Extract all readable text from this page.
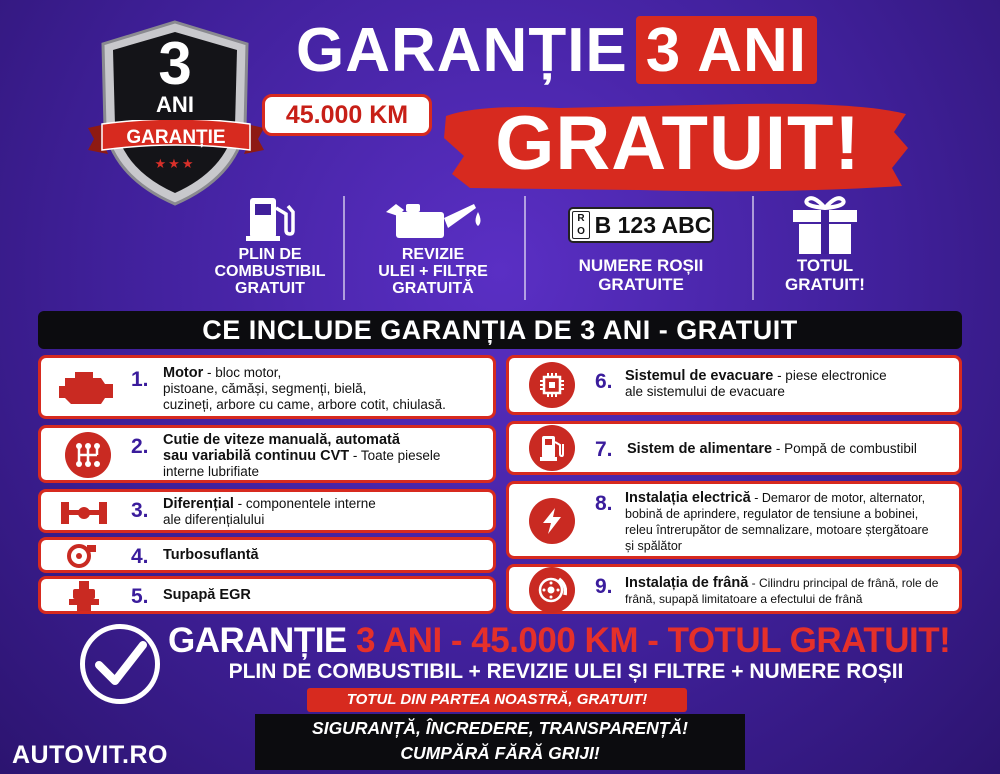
3
ANI
GARANȚIE
★★★
GARANȚIE 3 ANI
45.000 KM	GRATUIT!
PLIN DE
COMBUSTIBIL
GRATUIT
REVIZIE
ULEI + FILTRE
GRATUITĂ
R O B 123 ABC
NUMERE ROȘII
GRATUITE
TOTUL
GRATUIT!
CE INCLUDE GARANȚIA DE 3 ANI - GRATUIT
1. Motor - bloc motor,
pistoane, cămăși, segmenți, bielă,
cuzineți, arbore cu came, arbore cotit, chiulasă.
2. Cutie de viteze manuală, automată
sau variabilă continuu CVT - Toate piesele
interne lubrifiate
3. Diferențial - componentele interne
ale diferențialului
4. Turbosuflantă
5. Supapă EGR
6. Sistemul de evacuare - piese electronice
ale sistemului de evacuare
7. Sistem de alimentare - Pompă de combustibil
8. Instalația electrică - Demaror de motor, alternator,
bobină de aprindere, regulator de tensiune a bobinei,
releu întrerupător de semnalizare, motoare ștergătoare
și spălător
9. Instalația de frână - Cilindru principal de frână, role de
frână, supapă limitatoare a efectului de frână
GARANȚIE 3 ANI - 45.000 KM - TOTUL GRATUIT!
PLIN DE COMBUSTIBIL + REVIZIE ULEI ȘI FILTRE + NUMERE ROȘII
TOTUL DIN PARTEA NOASTRĂ, GRATUIT!
SIGURANȚĂ, ÎNCREDERE, TRANSPARENȚĂ!
CUMPĂRĂ FĂRĂ GRIJI!
AUTOVIT.RO
